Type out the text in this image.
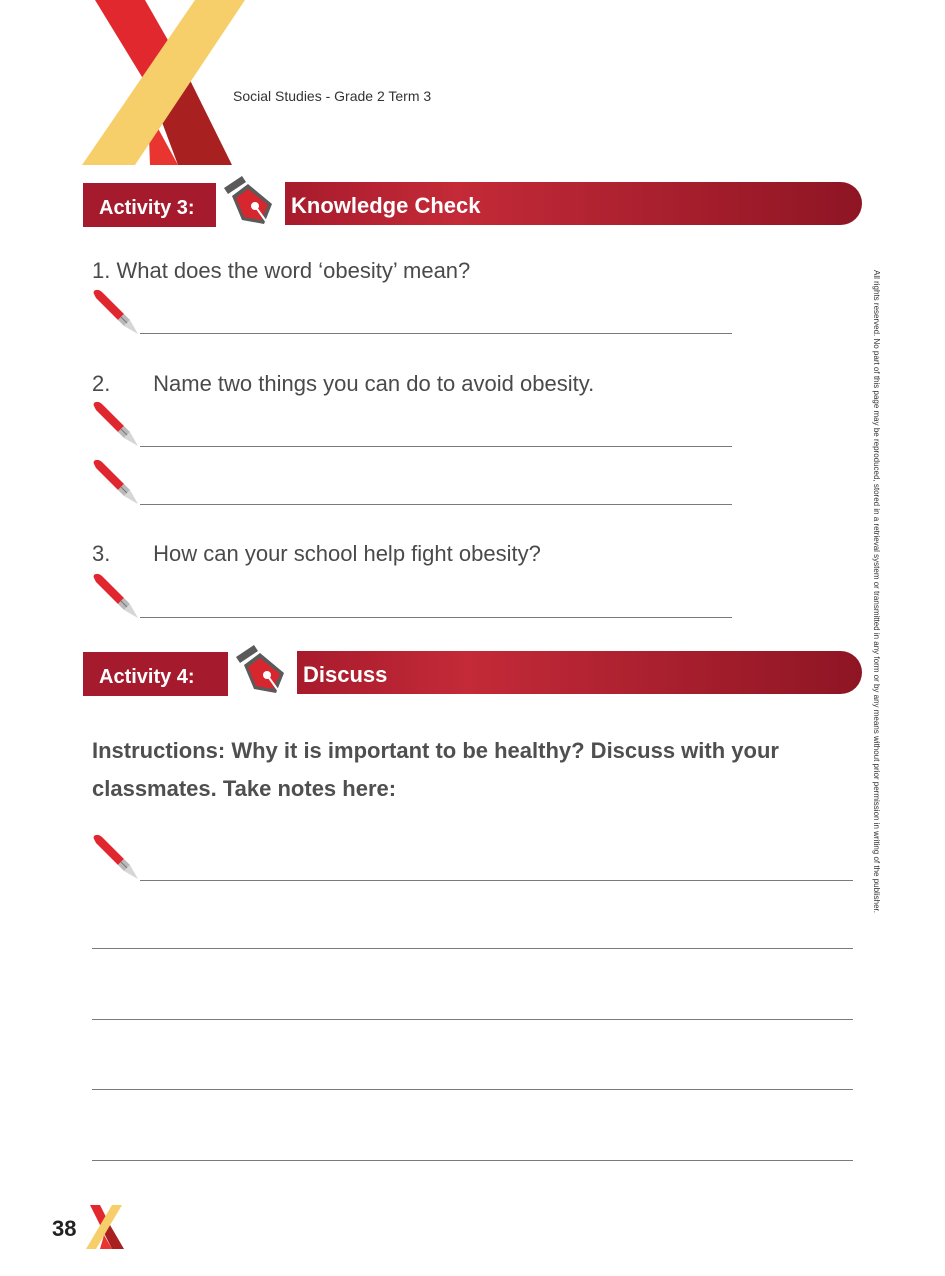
Social Studies - Grade 2 Term 3
Activity 3:	Knowledge Check
1. What does the word ‘obesity’ mean?
2.       Name two things you can do to avoid obesity.
3.       How can your school help fight obesity?
Activity 4:	Discuss
Instructions: Why it is important to be healthy? Discuss with your classmates. Take notes here:	All rights reserved. No part of this page may be reproduced, stored in a retrieval system or transmitted in any form or by any means without prior permission in writing of the publisher.
38
